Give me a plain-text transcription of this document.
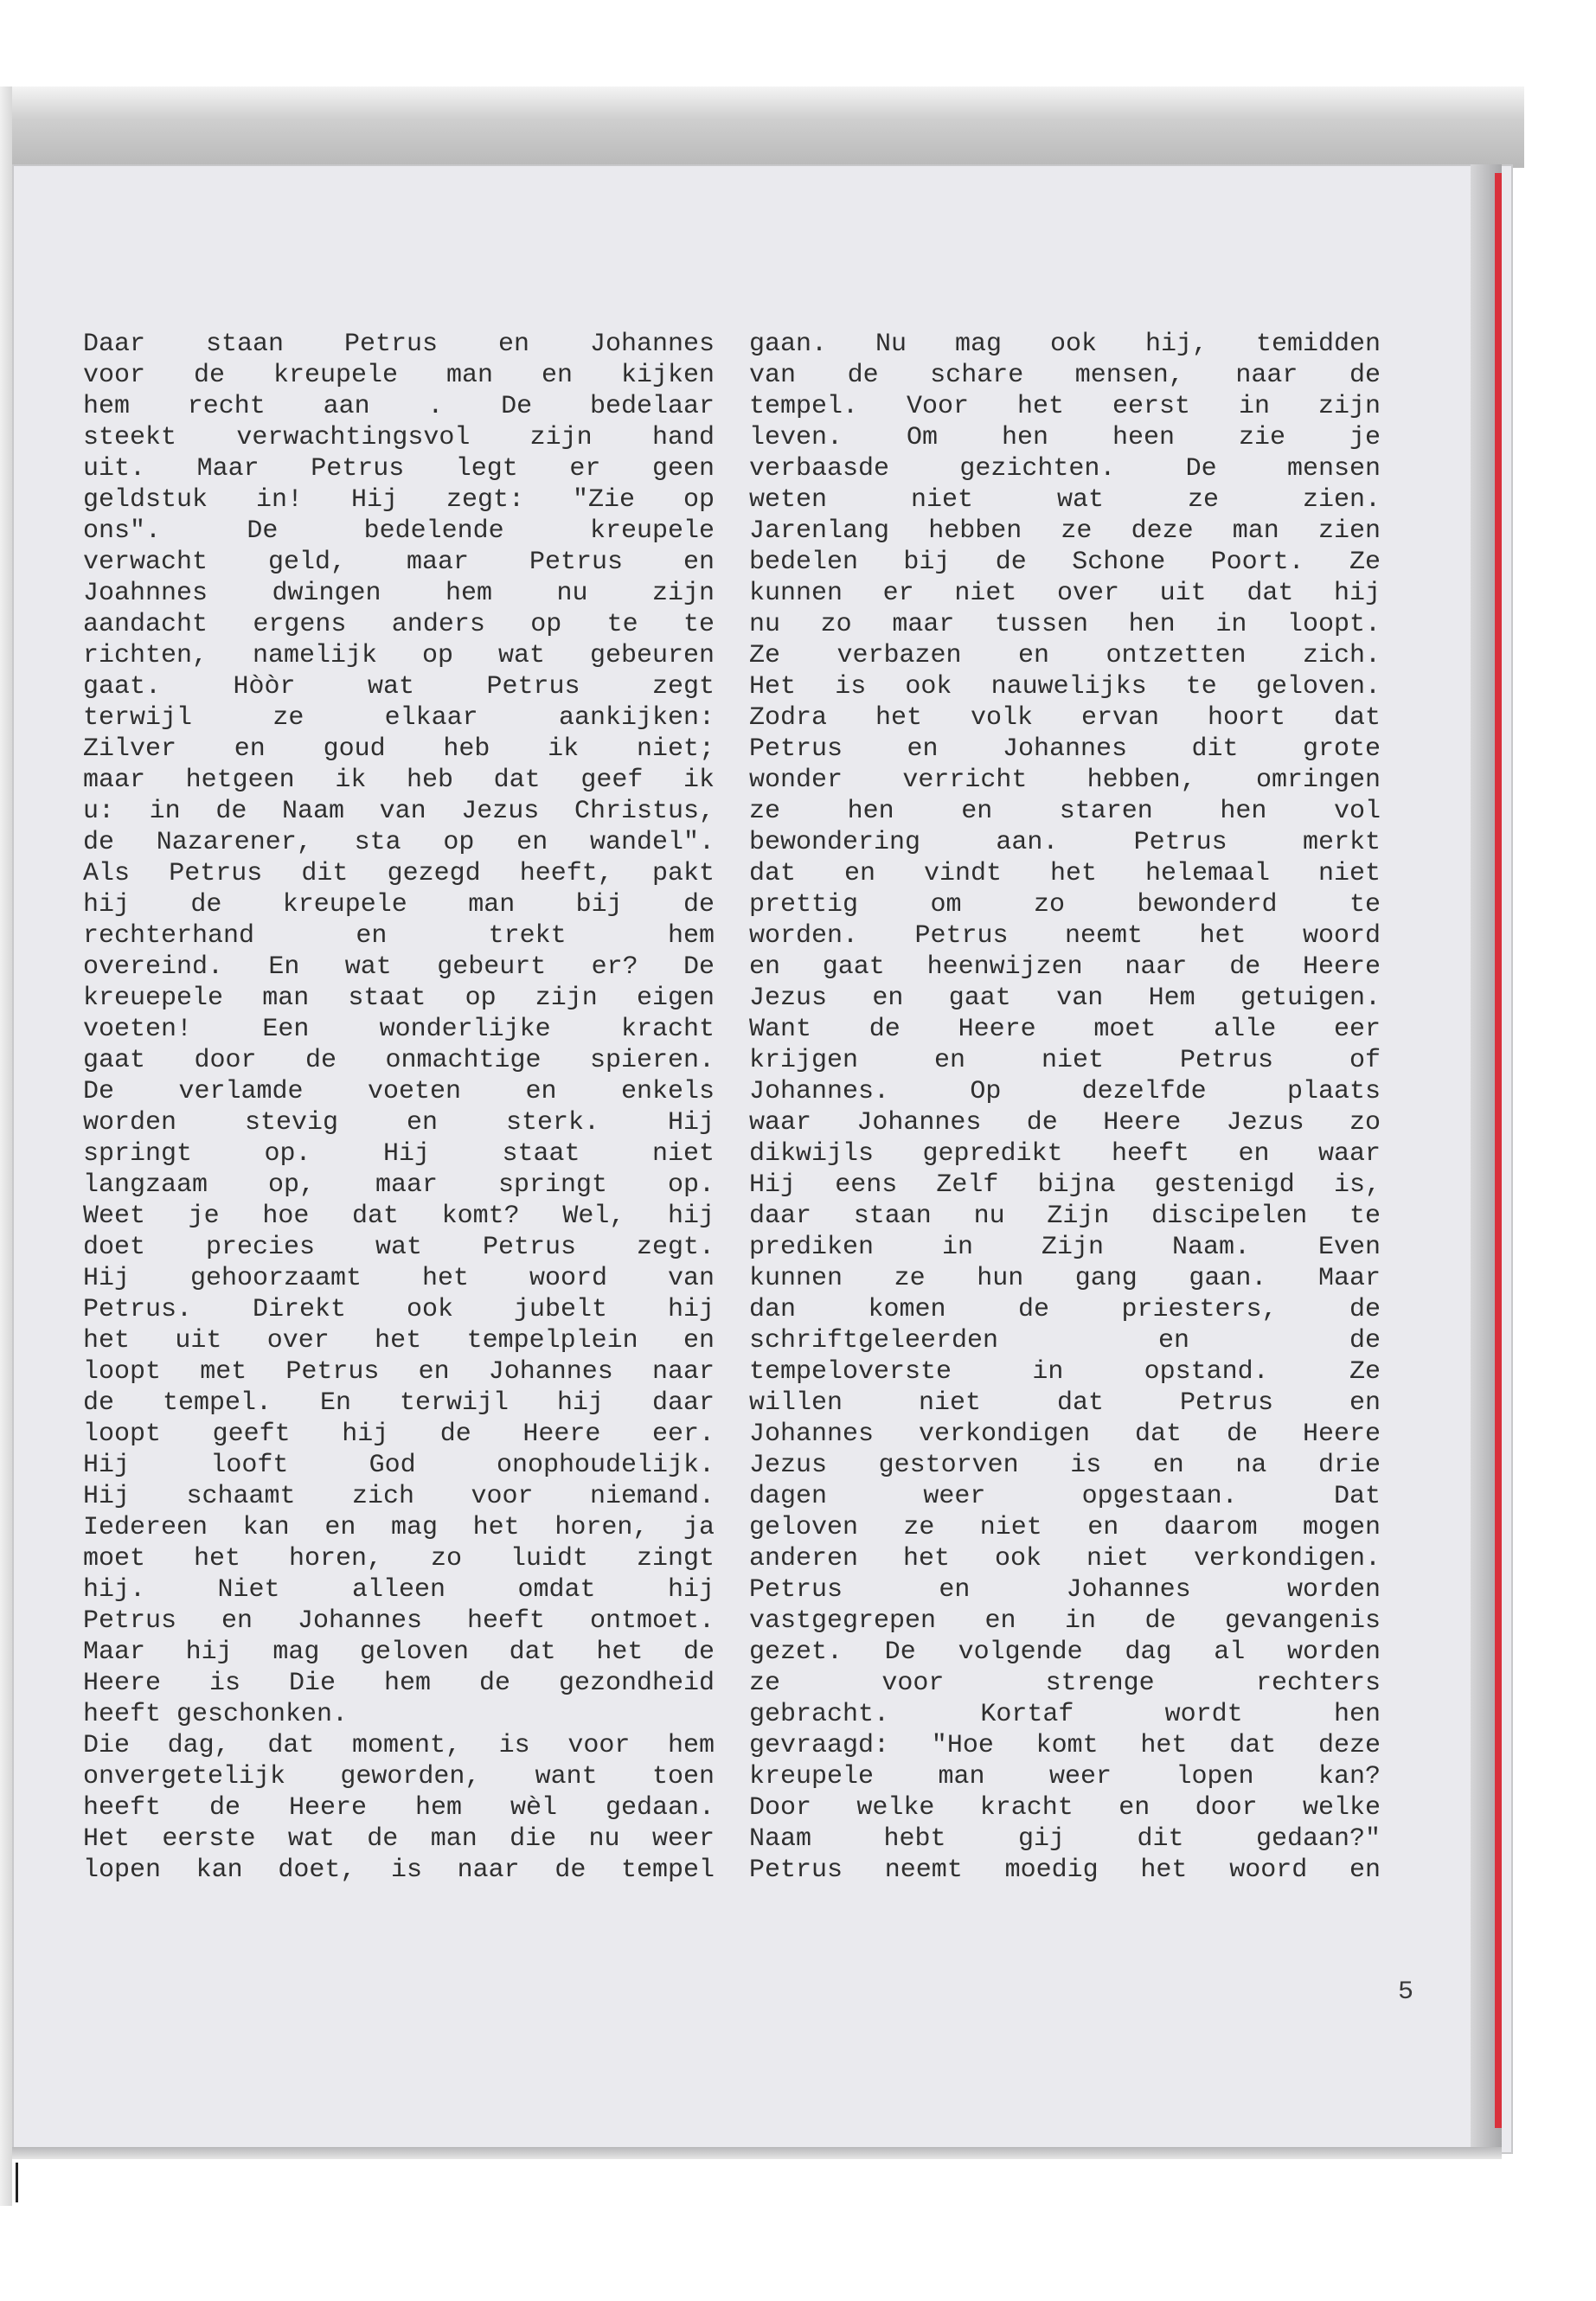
Daar staan Petrus en Johannes
voor de kreupele man en kijken
hem recht aan . De bedelaar
steekt verwachtingsvol zijn hand
uit. Maar Petrus legt er geen
geldstuk in! Hij zegt: "Zie op
ons". De bedelende kreupele
verwacht geld, maar Petrus en
Joahnnes dwingen hem nu zijn
aandacht ergens anders op te te
richten, namelijk op wat gebeuren
gaat. Hòòr wat Petrus zegt
terwijl ze elkaar aankijken:
Zilver en goud heb ik niet;
maar hetgeen ik heb dat geef ik
u: in de Naam van Jezus Christus,
de Nazarener, sta op en wandel".
Als Petrus dit gezegd heeft, pakt
hij de kreupele man bij de
rechterhand en trekt hem
overeind. En wat gebeurt er? De
kreuepele man staat op zijn eigen
voeten! Een wonderlijke kracht
gaat door de onmachtige spieren.
De verlamde voeten en enkels
worden stevig en sterk. Hij
springt op. Hij staat niet
langzaam op, maar springt op.
Weet je hoe dat komt? Wel, hij
doet precies wat Petrus zegt.
Hij gehoorzaamt het woord van
Petrus. Direkt ook jubelt hij
het uit over het tempelplein en
loopt met Petrus en Johannes naar
de tempel. En terwijl hij daar
loopt geeft hij de Heere eer.
Hij looft God onophoudelijk.
Hij schaamt zich voor niemand.
Iedereen kan en mag het horen, ja
moet het horen, zo luidt zingt
hij. Niet alleen omdat hij
Petrus en Johannes heeft ontmoet.
Maar hij mag geloven dat het de
Heere is Die hem de gezondheid
heeft geschonken.
Die dag, dat moment, is voor hem
onvergetelijk geworden, want toen
heeft de Heere hem wèl gedaan.
Het eerste wat de man die nu weer
lopen kan doet, is naar de tempel
gaan. Nu mag ook hij, temidden
van de schare mensen, naar de
tempel. Voor het eerst in zijn
leven. Om hen heen zie je
verbaasde gezichten. De mensen
weten niet wat ze zien.
Jarenlang hebben ze deze man zien
bedelen bij de Schone Poort. Ze
kunnen er niet over uit dat hij
nu zo maar tussen hen in loopt.
Ze verbazen en ontzetten zich.
Het is ook nauwelijks te geloven.
Zodra het volk ervan hoort dat
Petrus en Johannes dit grote
wonder verricht hebben, omringen
ze hen en staren hen vol
bewondering aan. Petrus merkt
dat en vindt het helemaal niet
prettig om zo bewonderd te
worden. Petrus neemt het woord
en gaat heenwijzen naar de Heere
Jezus en gaat van Hem getuigen.
Want de Heere moet alle eer
krijgen en niet Petrus of
Johannes. Op dezelfde plaats
waar Johannes de Heere Jezus zo
dikwijls gepredikt heeft en waar
Hij eens Zelf bijna gestenigd is,
daar staan nu Zijn discipelen te
prediken in Zijn Naam. Even
kunnen ze hun gang gaan. Maar
dan komen de priesters, de
schriftgeleerden en de
tempeloverste in opstand. Ze
willen niet dat Petrus en
Johannes verkondigen dat de Heere
Jezus gestorven is en na drie
dagen weer opgestaan. Dat
geloven ze niet en daarom mogen
anderen het ook niet verkondigen.
Petrus en Johannes worden
vastgegrepen en in de gevangenis
gezet. De volgende dag al worden
ze voor strenge rechters
gebracht. Kortaf wordt hen
gevraagd: "Hoe komt het dat deze
kreupele man weer lopen kan?
Door welke kracht en door welke
Naam hebt gij dit gedaan?"
Petrus neemt moedig het woord en
5
